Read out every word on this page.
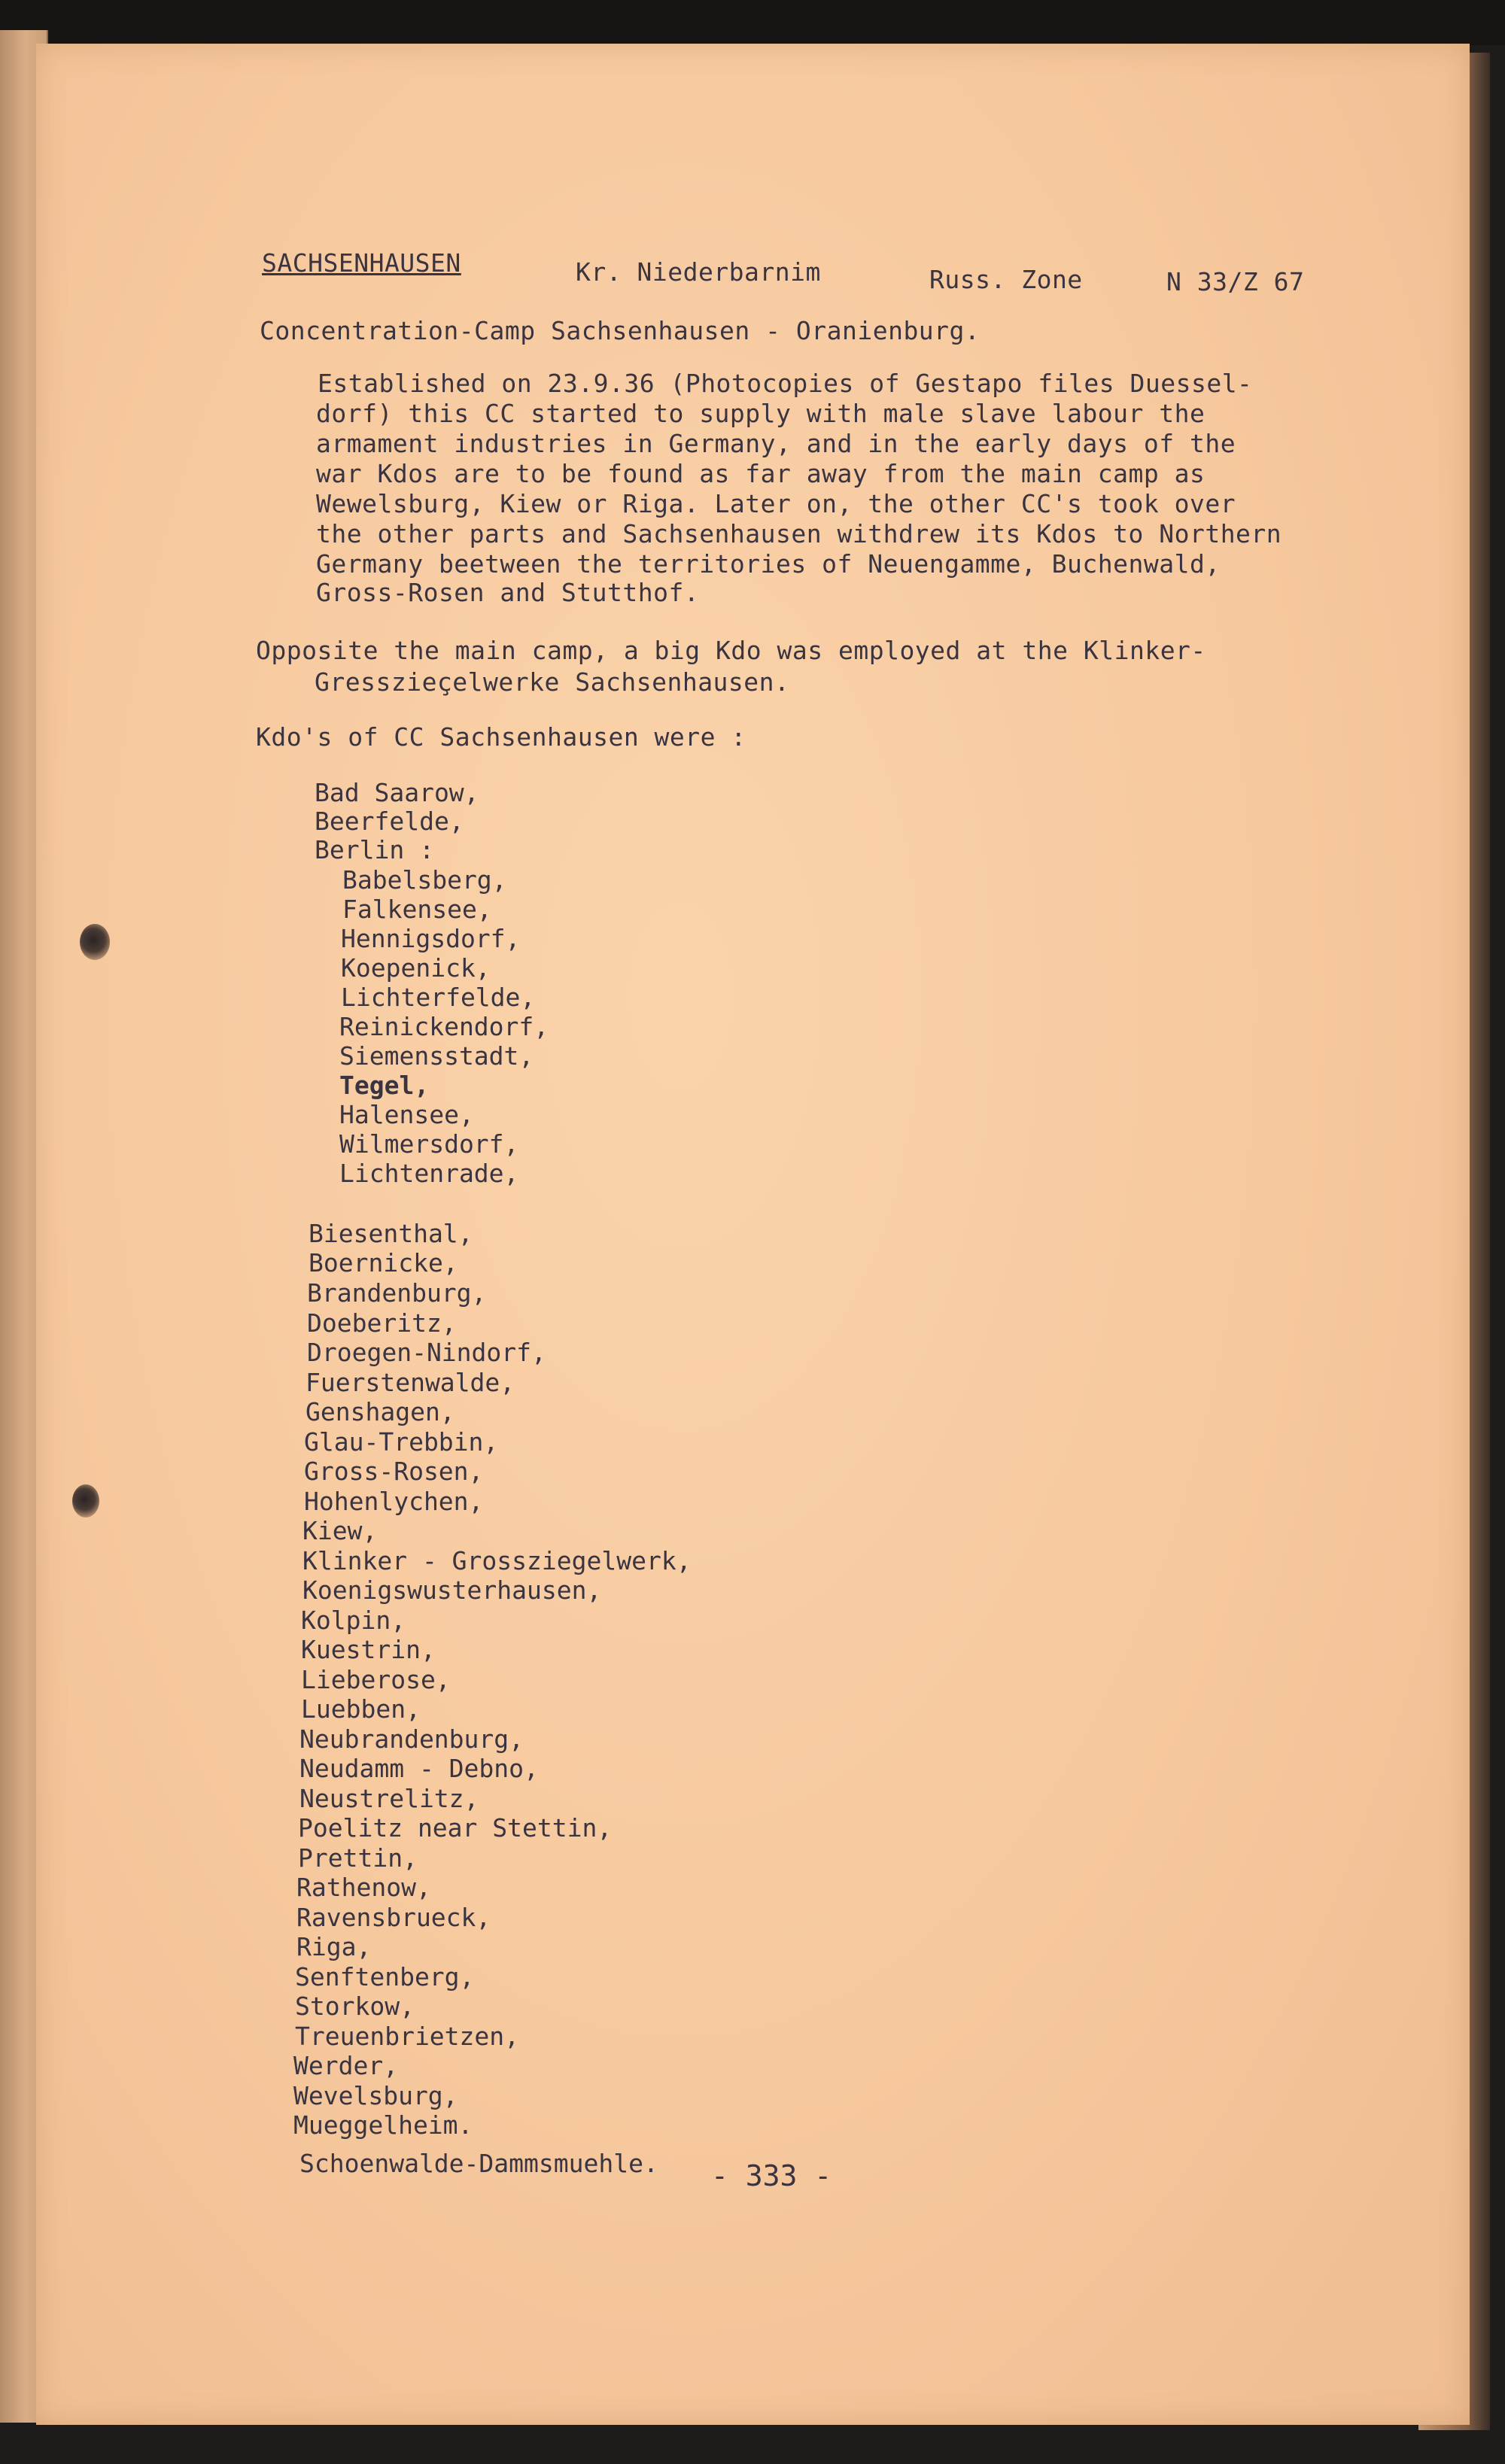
SACHSENHAUSEN	Kr. Niederbarnim	Russ. Zone	N 33/Z 67
Concentration-Camp Sachsenhausen - Oranienburg.
Established on 23.9.36 (Photocopies of Gestapo files Duessel-
dorf) this CC started to supply with male slave labour the
armament industries in Germany, and in the early days of the
war Kdos are to be found as far away from the main camp as
Wewelsburg, Kiew or Riga. Later on, the other CC's took over
the other parts and Sachsenhausen withdrew its Kdos to Northern
Germany beetween the territories of Neuengamme, Buchenwald,
Gross-Rosen and Stutthof.
Opposite the main camp, a big Kdo was employed at the Klinker-
Gresszieçelwerke Sachsenhausen.
Kdo's of CC Sachsenhausen were :
Bad Saarow,
Beerfelde,
Berlin :
Babelsberg,
Falkensee,
Hennigsdorf,
Koepenick,
Lichterfelde,
Reinickendorf,
Siemensstadt,
Tegel,
Halensee,
Wilmersdorf,
Lichtenrade,
Biesenthal,
Boernicke,
Brandenburg,
Doeberitz,
Droegen-Nindorf,
Fuerstenwalde,
Genshagen,
Glau-Trebbin,
Gross-Rosen,
Hohenlychen,
Kiew,
Klinker - Grossziegelwerk,
Koenigswusterhausen,
Kolpin,
Kuestrin,
Lieberose,
Luebben,
Neubrandenburg,
Neudamm - Debno,
Neustrelitz,
Poelitz near Stettin,
Prettin,
Rathenow,
Ravensbrueck,
Riga,
Senftenberg,
Storkow,
Treuenbrietzen,
Werder,
Wevelsburg,
Mueggelheim.
Schoenwalde-Dammsmuehle. - 333 -
